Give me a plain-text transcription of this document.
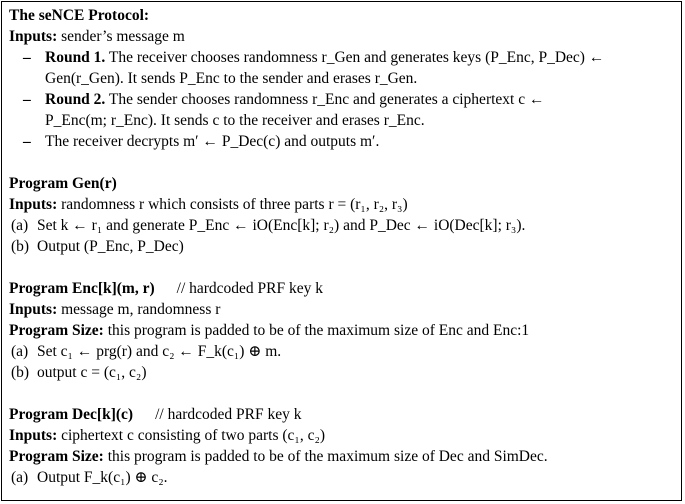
The seNCE Protocol:
Inputs: sender’s message m
– Round 1. The receiver chooses randomness r_Gen and generates keys (P_Enc, P_Dec) ←
Gen(r_Gen). It sends P_Enc to the sender and erases r_Gen.
– Round 2. The sender chooses randomness r_Enc and generates a ciphertext c ←
P_Enc(m; r_Enc). It sends c to the receiver and erases r_Enc.
– The receiver decrypts m′ ← P_Dec(c) and outputs m′.
Program Gen(r)
Inputs: randomness r which consists of three parts r = (r₁, r₂, r₃)
(a) Set k ← r₁ and generate P_Enc ← iO(Enc[k]; r₂) and P_Dec ← iO(Dec[k]; r₃).
(b) Output (P_Enc, P_Dec)
Program Enc[k](m, r) // hardcoded PRF key k
Inputs: message m, randomness r
Program Size: this program is padded to be of the maximum size of Enc and Enc:1
(a) Set c₁ ← prg(r) and c₂ ← F_k(c₁) ⊕ m.
(b) output c = (c₁, c₂)
Program Dec[k](c) // hardcoded PRF key k
Inputs: ciphertext c consisting of two parts (c₁, c₂)
Program Size: this program is padded to be of the maximum size of Dec and SimDec.
(a) Output F_k(c₁) ⊕ c₂.
